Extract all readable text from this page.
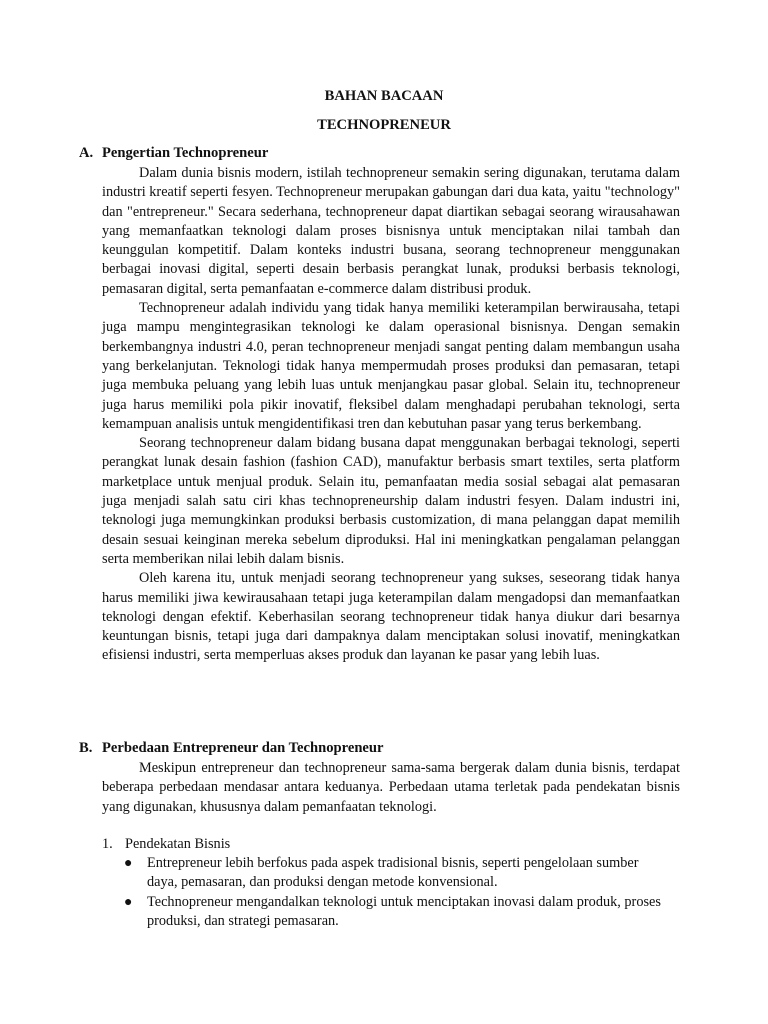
BAHAN BACAAN
TECHNOPRENEUR
A. Pengertian Technopreneur

Dalam dunia bisnis modern, istilah technopreneur semakin sering digunakan, terutama dalam industri kreatif seperti fesyen. Technopreneur merupakan gabungan dari dua kata, yaitu "technology" dan "entrepreneur." Secara sederhana, technopreneur dapat diartikan sebagai seorang wirausahawan yang memanfaatkan teknologi dalam proses bisnisnya untuk menciptakan nilai tambah dan keunggulan kompetitif. Dalam konteks industri busana, seorang technopreneur menggunakan berbagai inovasi digital, seperti desain berbasis perangkat lunak, produksi berbasis teknologi, pemasaran digital, serta pemanfaatan e-commerce dalam distribusi produk.

Technopreneur adalah individu yang tidak hanya memiliki keterampilan berwirausaha, tetapi juga mampu mengintegrasikan teknologi ke dalam operasional bisnisnya. Dengan semakin berkembangnya industri 4.0, peran technopreneur menjadi sangat penting dalam membangun usaha yang berkelanjutan. Teknologi tidak hanya mempermudah proses produksi dan pemasaran, tetapi juga membuka peluang yang lebih luas untuk menjangkau pasar global. Selain itu, technopreneur juga harus memiliki pola pikir inovatif, fleksibel dalam menghadapi perubahan teknologi, serta kemampuan analisis untuk mengidentifikasi tren dan kebutuhan pasar yang terus berkembang.

Seorang technopreneur dalam bidang busana dapat menggunakan berbagai teknologi, seperti perangkat lunak desain fashion (fashion CAD), manufaktur berbasis smart textiles, serta platform marketplace untuk menjual produk. Selain itu, pemanfaatan media sosial sebagai alat pemasaran juga menjadi salah satu ciri khas technopreneurship dalam industri fesyen. Dalam industri ini, teknologi juga memungkinkan produksi berbasis customization, di mana pelanggan dapat memilih desain sesuai keinginan mereka sebelum diproduksi. Hal ini meningkatkan pengalaman pelanggan serta memberikan nilai lebih dalam bisnis.

Oleh karena itu, untuk menjadi seorang technopreneur yang sukses, seseorang tidak hanya harus memiliki jiwa kewirausahaan tetapi juga keterampilan dalam mengadopsi dan memanfaatkan teknologi dengan efektif. Keberhasilan seorang technopreneur tidak hanya diukur dari besarnya keuntungan bisnis, tetapi juga dari dampaknya dalam menciptakan solusi inovatif, meningkatkan efisiensi industri, serta memperluas akses produk dan layanan ke pasar yang lebih luas.

B. Perbedaan Entrepreneur dan Technopreneur

Meskipun entrepreneur dan technopreneur sama-sama bergerak dalam dunia bisnis, terdapat beberapa perbedaan mendasar antara keduanya. Perbedaan utama terletak pada pendekatan bisnis yang digunakan, khususnya dalam pemanfaatan teknologi.

1. Pendekatan Bisnis
● Entrepreneur lebih berfokus pada aspek tradisional bisnis, seperti pengelolaan sumber daya, pemasaran, dan produksi dengan metode konvensional.
● Technopreneur mengandalkan teknologi untuk menciptakan inovasi dalam produk, proses produksi, dan strategi pemasaran.
